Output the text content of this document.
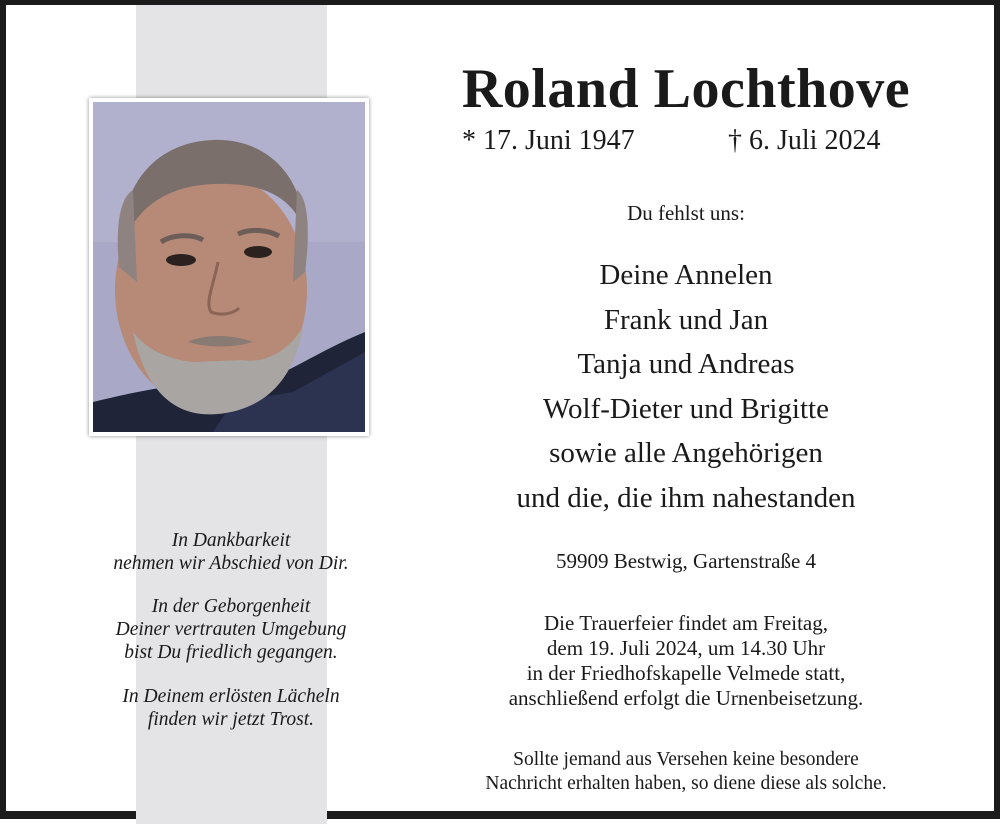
In Dankbarkeit
nehmen wir Abschied von Dir.
In der Geborgenheit
Deiner vertrauten Umgebung
bist Du friedlich gegangen.
In Deinem erlösten Lächeln
finden wir jetzt Trost.
Roland Lochthove
* 17. Juni 1947	† 6. Juli 2024
Du fehlst uns:
Deine Annelen
Frank und Jan
Tanja und Andreas
Wolf-Dieter und Brigitte
sowie alle Angehörigen
und die, die ihm nahestanden
59909 Bestwig, Gartenstraße 4
Die Trauerfeier findet am Freitag,
dem 19. Juli 2024, um 14.30 Uhr
in der Friedhofskapelle Velmede statt,
anschließend erfolgt die Urnenbeisetzung.
Sollte jemand aus Versehen keine besondere
Nachricht erhalten haben, so diene diese als solche.
